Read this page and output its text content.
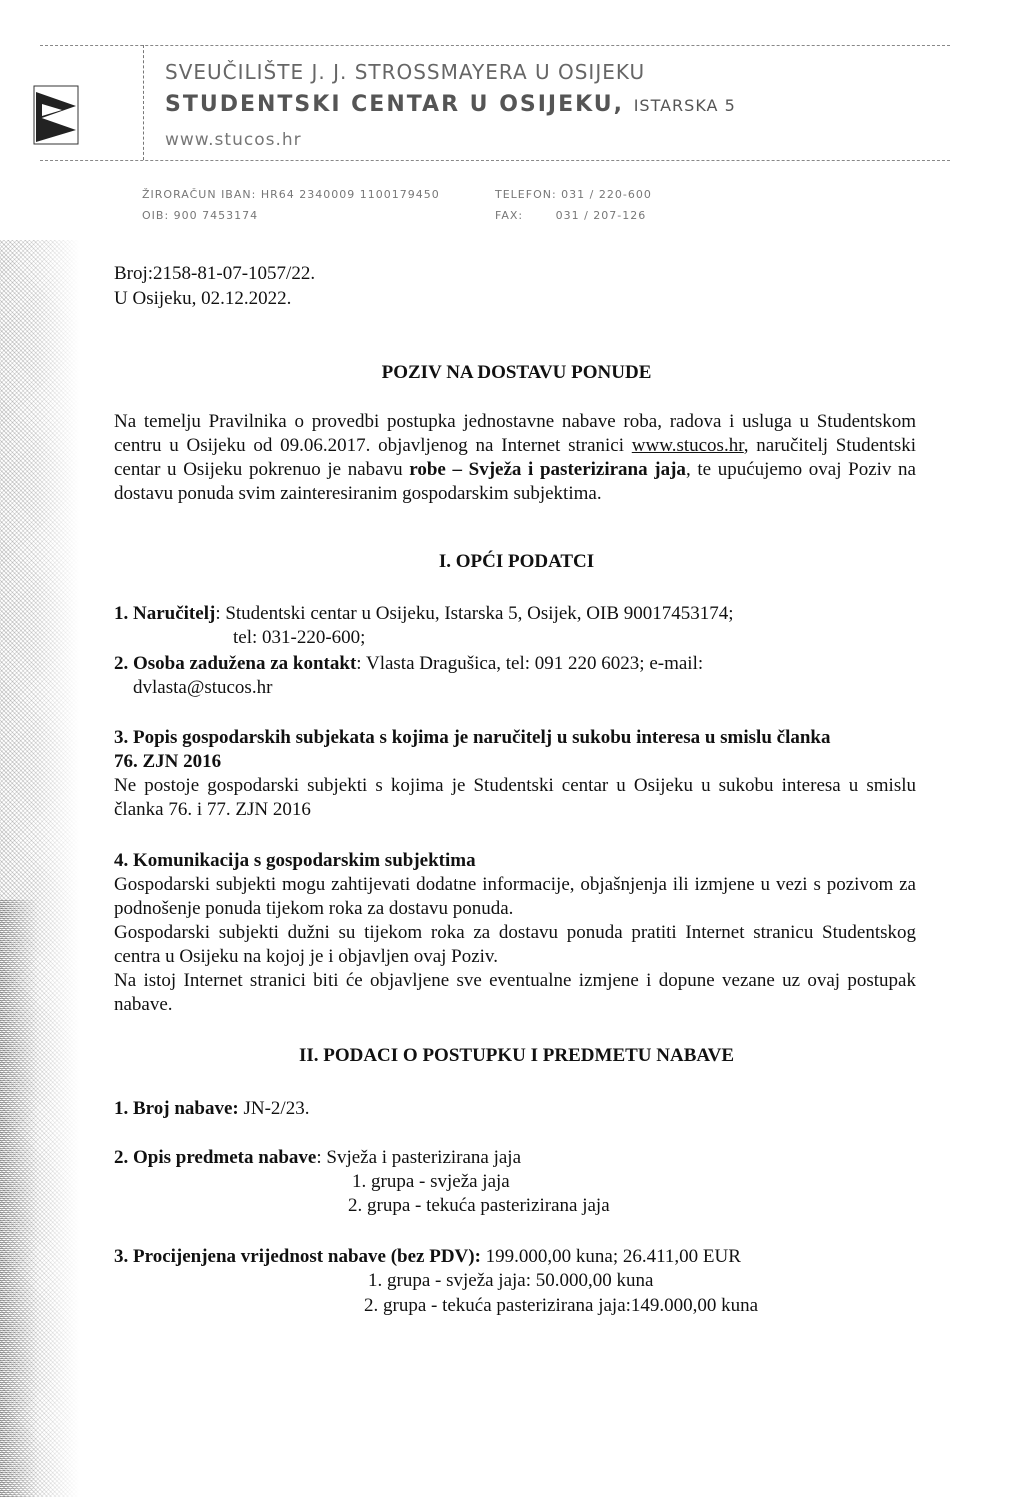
SVEUČILIŠTE J. J. STROSSMAYERA U OSIJEKU
STUDENTSKI CENTAR U OSIJEKU, ISTARSKA 5
www.stucos.hr
ŽIRORAČUN IBAN: HR64 2340009 1100179450
OIB: 900 7453174
TELEFON: 031 / 220-600
FAX:	031 / 207-126
Broj:2158-81-07-1057/22.
U Osijeku, 02.12.2022.
POZIV NA DOSTAVU PONUDE
Na temelju Pravilnika o provedbi postupka jednostavne nabave roba, radova i usluga u Studentskom centru u Osijeku od 09.06.2017. objavljenog na Internet stranici www.stucos.hr, naručitelj Studentski centar u Osijeku pokrenuo je nabavu robe – Svježa i pasterizirana jaja, te upućujemo ovaj Poziv na dostavu ponuda svim zainteresiranim gospodarskim subjektima.
I. OPĆI PODATCI
1. Naručitelj: Studentski centar u Osijeku, Istarska 5, Osijek, OIB 90017453174;
tel: 031-220-600;
2. Osoba zadužena za kontakt: Vlasta Dragušica, tel: 091 220 6023; e-mail:
dvlasta@stucos.hr
3. Popis gospodarskih subjekata s kojima je naručitelj u sukobu interesa u smislu članka
76. ZJN 2016
Ne postoje gospodarski subjekti s kojima je Studentski centar u Osijeku u sukobu interesa u smislu članka 76. i 77. ZJN 2016
4. Komunikacija s gospodarskim subjektima
Gospodarski subjekti mogu zahtijevati dodatne informacije, objašnjenja ili izmjene u vezi s pozivom za podnošenje ponuda tijekom roka za dostavu ponuda.
Gospodarski subjekti dužni su tijekom roka za dostavu ponuda pratiti Internet stranicu Studentskog centra u Osijeku na kojoj je i objavljen ovaj Poziv.
Na istoj Internet stranici biti će objavljene sve eventualne izmjene i dopune vezane uz ovaj postupak nabave.
II. PODACI O POSTUPKU I PREDMETU NABAVE
1. Broj nabave: JN-2/23.
2. Opis predmeta nabave: Svježa i pasterizirana jaja
1. grupa - svježa jaja
2. grupa - tekuća pasterizirana jaja
3. Procijenjena vrijednost nabave (bez PDV): 199.000,00 kuna; 26.411,00 EUR
1. grupa - svježa jaja: 50.000,00 kuna
2. grupa - tekuća pasterizirana jaja:149.000,00 kuna
